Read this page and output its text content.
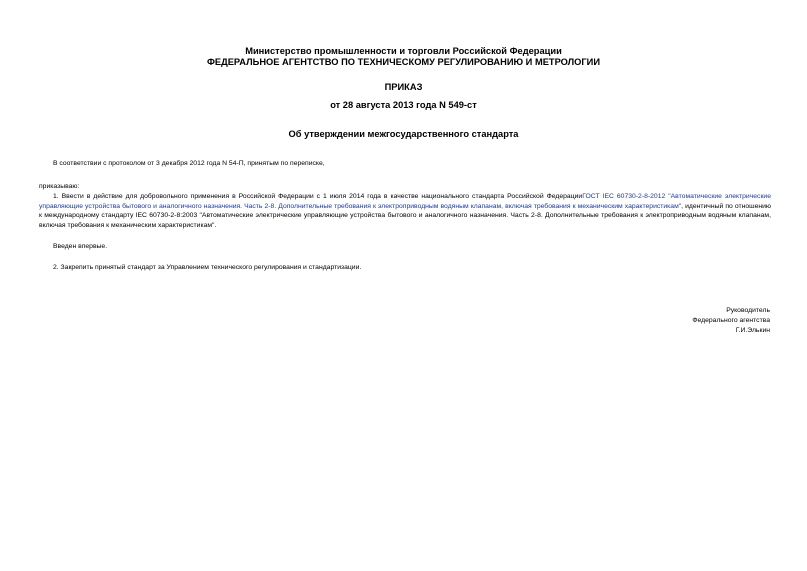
Министерство промышленности и торговли Российской Федерации
ФЕДЕРАЛЬНОЕ АГЕНТСТВО ПО ТЕХНИЧЕСКОМУ РЕГУЛИРОВАНИЮ И МЕТРОЛОГИИ
ПРИКАЗ
от 28 августа 2013 года N 549-ст
Об утверждении межгосударственного стандарта
В соответствии с протоколом от 3 декабря 2012 года N 54-П, принятым по переписке,
приказываю:
1. Ввести в действие для добровольного применения в Российской Федерации с 1 июля 2014 года в качестве национального стандарта Российской ФедерацииГОСТ IEC 60730-2-8-2012 "Автоматические электрические управляющие устройства бытового и аналогичного назначения. Часть 2-8. Дополнительные требования к электроприводным водяным клапанам, включая требования к механическим характеристикам", идентичный по отношению к международному стандарту IEC 60730-2-8:2003 "Автоматические электрические управляющие устройства бытового и аналогичного назначения. Часть 2-8. Дополнительные требования к электроприводным водяным клапанам, включая требования к механическим характеристикам".
Введен впервые.
2. Закрепить принятый стандарт за Управлением технического регулирования и стандартизации.
Руководитель
Федерального агентства
Г.И.Элькин
